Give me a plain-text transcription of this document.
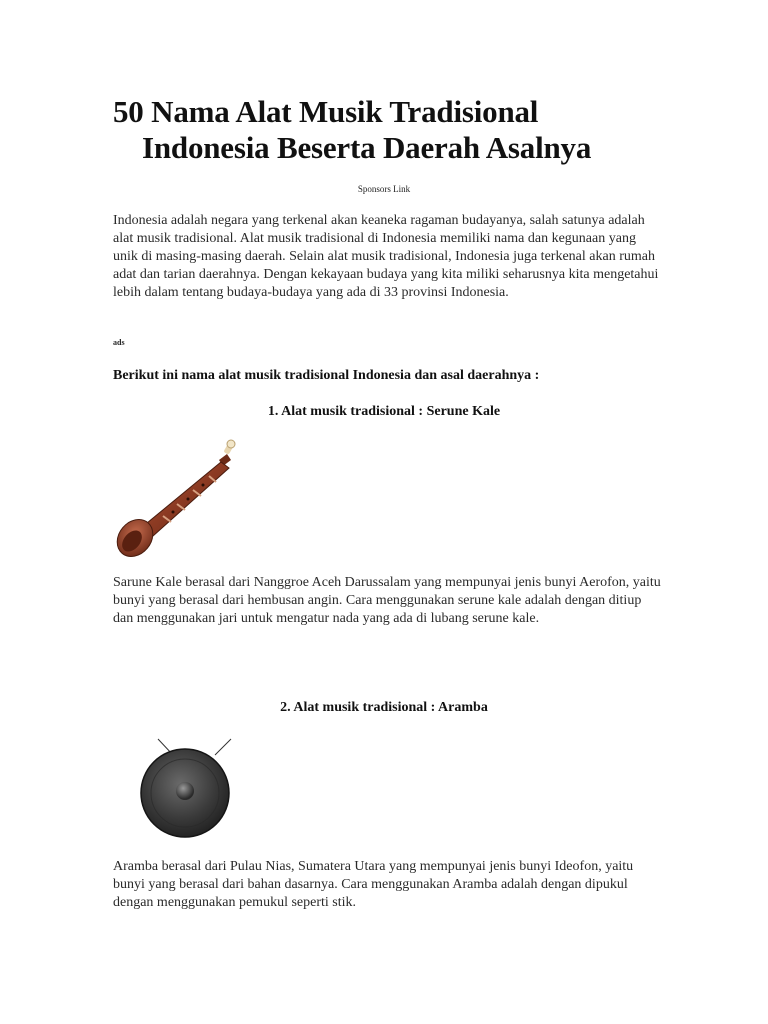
50 Nama Alat Musik Tradisional
Indonesia Beserta Daerah Asalnya
Sponsors Link
Indonesia adalah negara yang terkenal akan keaneka ragaman budayanya, salah satunya adalah alat musik tradisional. Alat musik tradisional di Indonesia memiliki nama dan kegunaan yang unik di masing-masing daerah. Selain alat musik tradisional, Indonesia juga terkenal akan rumah adat dan tarian daerahnya. Dengan kekayaan budaya yang kita miliki seharusnya kita mengetahui lebih dalam tentang budaya-budaya yang ada di 33 provinsi Indonesia.
ads
Berikut ini nama alat musik tradisional Indonesia dan asal daerahnya :
1. Alat musik tradisional : Serune Kale
Sarune Kale berasal dari Nanggroe Aceh Darussalam yang mempunyai jenis bunyi Aerofon, yaitu bunyi yang berasal dari hembusan angin. Cara menggunakan serune kale adalah dengan ditiup dan menggunakan jari untuk mengatur nada yang ada di lubang serune kale.
2. Alat musik tradisional : Aramba
Aramba berasal dari Pulau Nias, Sumatera Utara yang mempunyai jenis bunyi Ideofon, yaitu bunyi yang berasal dari bahan dasarnya. Cara menggunakan Aramba adalah dengan dipukul dengan menggunakan pemukul seperti stik.
